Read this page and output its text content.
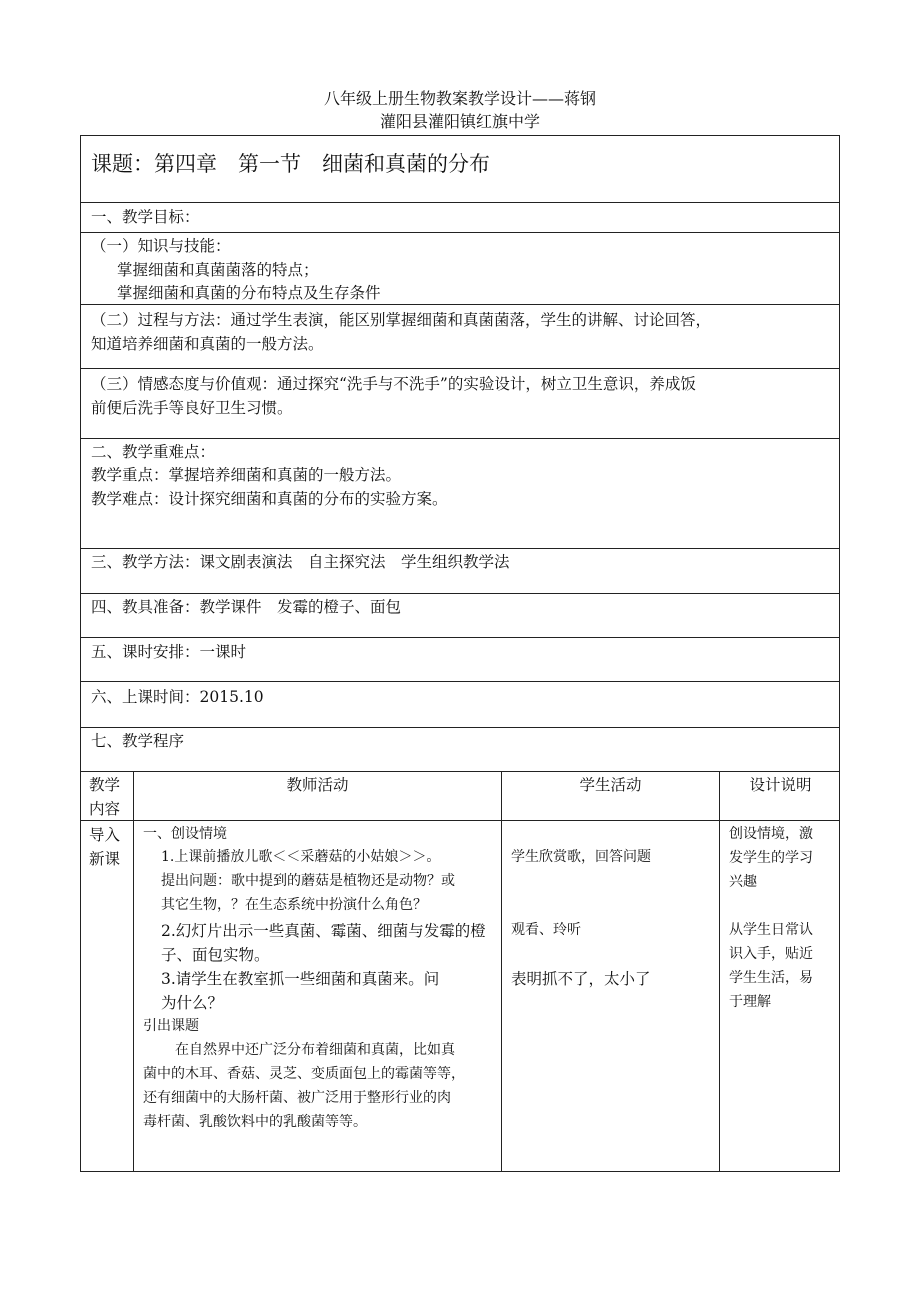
八年级上册生物教案教学设计——蒋钢
灌阳县灌阳镇红旗中学
课题：第四章　第一节　细菌和真菌的分布
一、教学目标：
（一）知识与技能：
掌握细菌和真菌菌落的特点；
掌握细菌和真菌的分布特点及生存条件
（二）过程与方法：通过学生表演，能区别掌握细菌和真菌菌落，学生的讲解、讨论回答，
知道培养细菌和真菌的一般方法。
（三）情感态度与价值观：通过探究“洗手与不洗手”的实验设计，树立卫生意识，养成饭
前便后洗手等良好卫生习惯。
二、教学重难点：
教学重点：掌握培养细菌和真菌的一般方法。
教学难点：设计探究细菌和真菌的分布的实验方案。
三、教学方法：课文剧表演法　自主探究法　学生组织教学法
四、教具准备：教学课件　发霉的橙子、面包
五、课时安排：一课时
六、上课时间：2015.10
七、教学程序
教学
内容
教师活动	学生活动	设计说明
导入
新课
一、创设情境
1.上课前播放儿歌＜＜采蘑菇的小姑娘＞＞。
提出问题：歌中提到的蘑菇是植物还是动物？或
其它生物，？在生态系统中扮演什么角色？
2.幻灯片出示一些真菌、霉菌、细菌与发霉的橙
子、面包实物。
3.请学生在教室抓一些细菌和真菌来。问
为什么？
引出课题
在自然界中还广泛分布着细菌和真菌，比如真
菌中的木耳、香菇、灵芝、变质面包上的霉菌等等，
还有细菌中的大肠杆菌、被广泛用于整形行业的肉
毒杆菌、乳酸饮料中的乳酸菌等等。
学生欣赏歌，回答问题
观看、玲听
表明抓不了，太小了
创设情境，激
发学生的学习
兴趣
从学生日常认
识入手，贴近
学生生活，易
于理解
